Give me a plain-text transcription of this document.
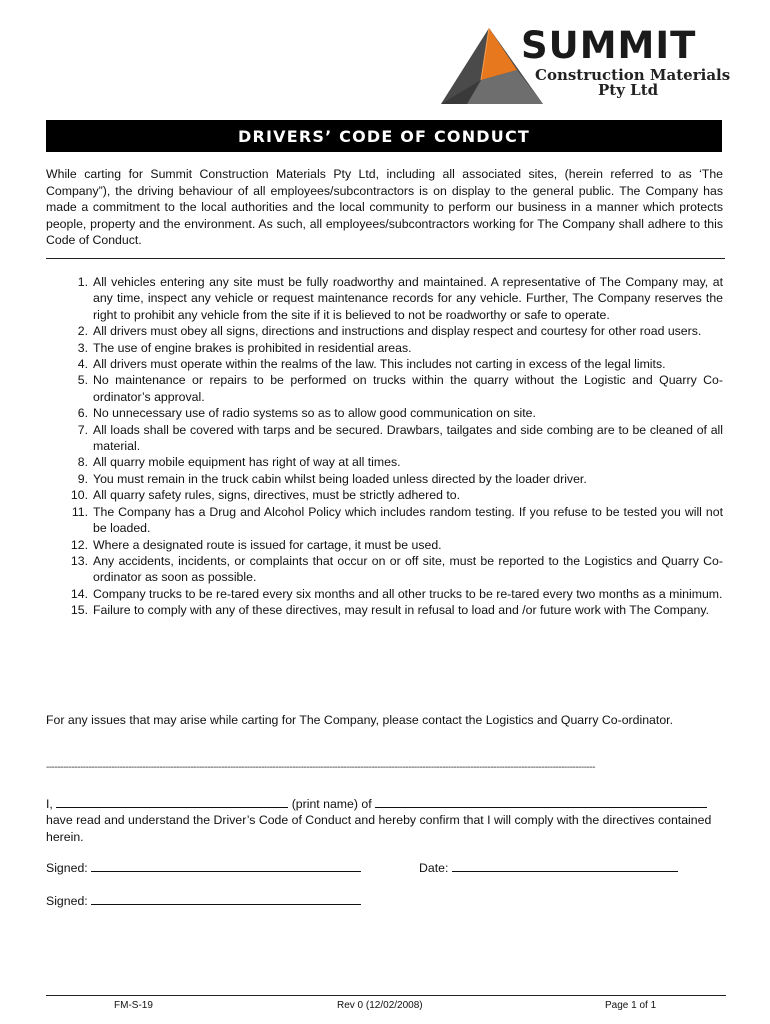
SUMMIT
Construction Materials
Pty Ltd
DRIVERS’ CODE OF CONDUCT
While carting for Summit Construction Materials Pty Ltd, including all associated sites, (herein referred to as ‘The Company”), the driving behaviour of all employees/subcontractors is on display to the general public. The Company has made a commitment to the local authorities and the local community to perform our business in a manner which protects people, property and the environment. As such, all employees/subcontractors working for The Company shall adhere to this Code of Conduct.
1. All vehicles entering any site must be fully roadworthy and maintained. A representative of The Company may, at any time, inspect any vehicle or request maintenance records for any vehicle. Further, The Company reserves the right to prohibit any vehicle from the site if it is believed to not be roadworthy or safe to operate.
2. All drivers must obey all signs, directions and instructions and display respect and courtesy for other road users.
3. The use of engine brakes is prohibited in residential areas.
4. All drivers must operate within the realms of the law. This includes not carting in excess of the legal limits.
5. No maintenance or repairs to be performed on trucks within the quarry without the Logistic and Quarry Co-ordinator’s approval.
6. No unnecessary use of radio systems so as to allow good communication on site.
7. All loads shall be covered with tarps and be secured. Drawbars, tailgates and side combing are to be cleaned of all material.
8. All quarry mobile equipment has right of way at all times.
9. You must remain in the truck cabin whilst being loaded unless directed by the loader driver.
10. All quarry safety rules, signs, directives, must be strictly adhered to.
11. The Company has a Drug and Alcohol Policy which includes random testing. If you refuse to be tested you will not be loaded.
12. Where a designated route is issued for cartage, it must be used.
13. Any accidents, incidents, or complaints that occur on or off site, must be reported to the Logistics and Quarry Co-ordinator as soon as possible.
14. Company trucks to be re-tared every six months and all other trucks to be re-tared every two months as a minimum.
15. Failure to comply with any of these directives, may result in refusal to load and /or future work with The Company.
For any issues that may arise while carting for The Company, please contact the Logistics and Quarry Co-ordinator.
--------------------------------------------------------------------------------------------------------------------------------------------------------------------------------------------------
I,	(print name) of
have read and understand the Driver’s Code of Conduct and hereby confirm that I will comply with the directives contained herein.
Signed:	Date:
Signed:
FM-S-19	Rev 0 (12/02/2008)	Page 1 of 1
